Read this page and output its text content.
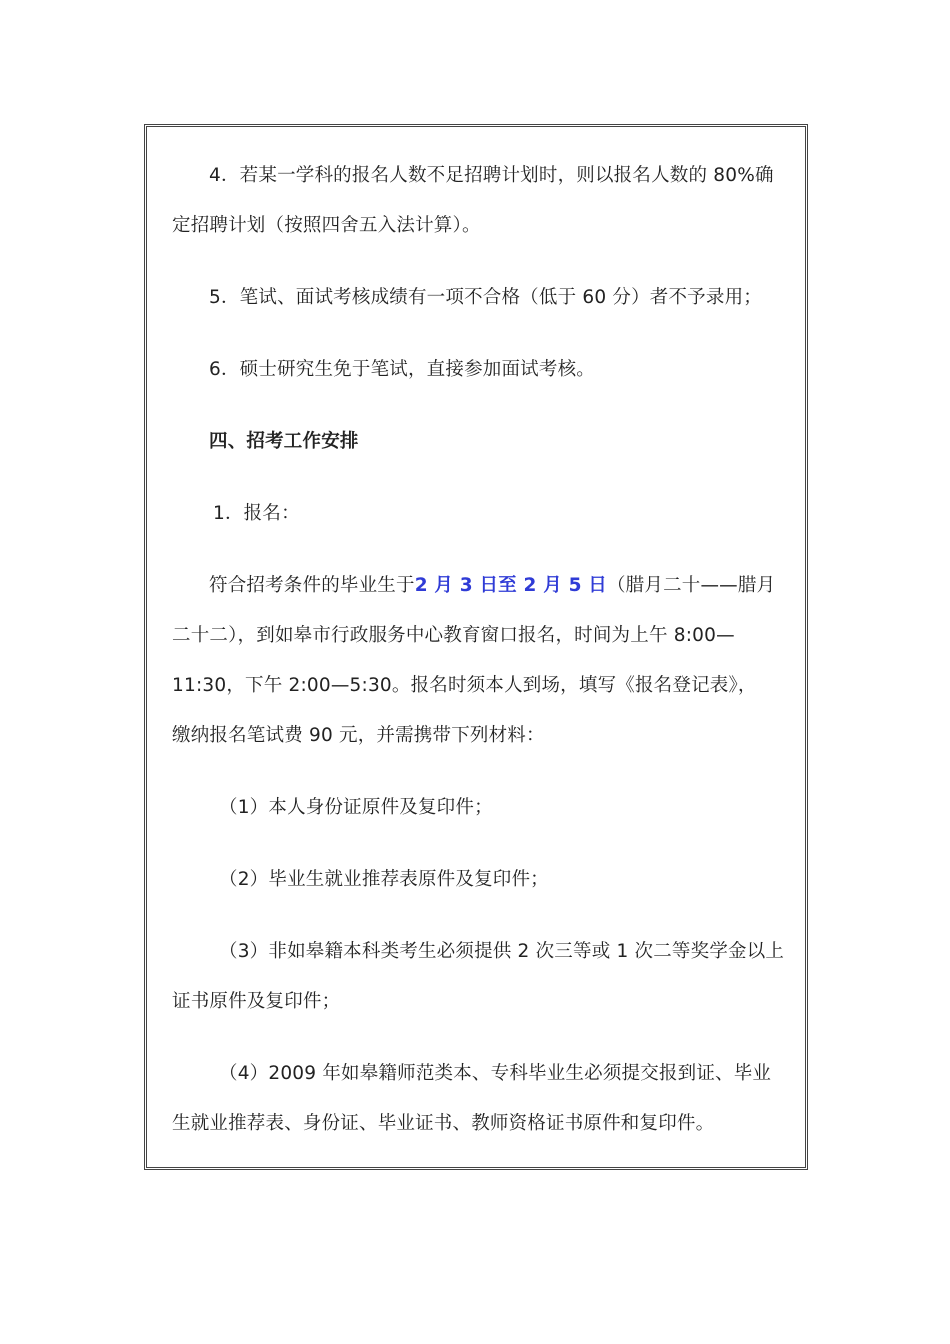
4．若某一学科的报名人数不足招聘计划时，则以报名人数的 80%确
定招聘计划（按照四舍五入法计算）。
5．笔试、面试考核成绩有一项不合格（低于 60 分）者不予录用；
6．硕士研究生免于笔试，直接参加面试考核。
四、招考工作安排
1．报名：
符合招考条件的毕业生于2 月 3 日至 2 月 5 日（腊月二十——腊月
二十二），到如皋市行政服务中心教育窗口报名，时间为上午 8:00—
11:30，下午 2:00—5:30。报名时须本人到场，填写《报名登记表》，
缴纳报名笔试费 90 元，并需携带下列材料：
（1）本人身份证原件及复印件；
（2）毕业生就业推荐表原件及复印件；
（3）非如皋籍本科类考生必须提供 2 次三等或 1 次二等奖学金以上
证书原件及复印件；
（4）2009 年如皋籍师范类本、专科毕业生必须提交报到证、毕业
生就业推荐表、身份证、毕业证书、教师资格证书原件和复印件。
